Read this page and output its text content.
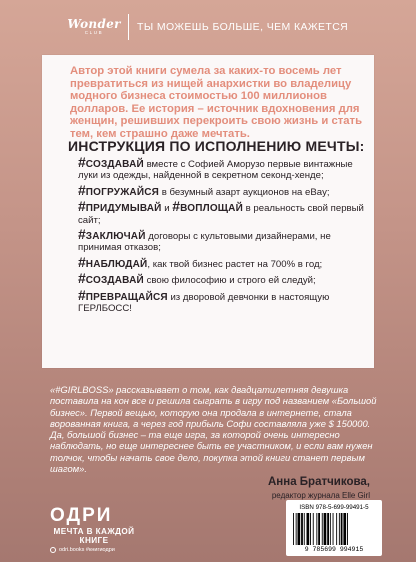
Wonder
CLUB	ТЫ МОЖЕШЬ БОЛЬШЕ, ЧЕМ КАЖЕТСЯ
Автор этой книги сумела за каких-то восемь лет превратиться из нищей анархистки во владелицу модного бизнеса стоимостью 100 миллионов долларов. Ее история – источник вдохновения для женщин, решивших перекроить свою жизнь и стать тем, кем страшно даже мечтать.
ИНСТРУКЦИЯ ПО ИСПОЛНЕНИЮ МЕЧТЫ:
#СОЗДАВАЙ вместе с Софией Аморузо первые винтажные луки из одежды, найденной в секретном секонд-хенде;
#ПОГРУЖАЙСЯ в безумный азарт аукционов на eBay;
#ПРИДУМЫВАЙ и #ВОПЛОЩАЙ в реальность свой первый сайт;
#ЗАКЛЮЧАЙ договоры с культовыми дизайнерами, не принимая отказов;
#НАБЛЮДАЙ, как твой бизнес растет на 700% в год;
#СОЗДАВАЙ свою философию и строго ей следуй;
#ПРЕВРАЩАЙСЯ из дворовой девчонки в настоящую ГЕРЛБОСС!
«#GIRLBOSS» рассказывает о том, как двадцатилетняя девушка поставила на кон все и решила сыграть в игру под названием «Большой бизнес». Первой вещью, которую она продала в интернете, стала ворованная книга, а через год прибыль Софи составляла уже $ 150000. Да, большой бизнес – та еще игра, за которой очень интересно наблюдать, но еще интереснее быть ее участником, и если вам нужен толчок, чтобы начать свое дело, покупка этой книги станет первым шагом».
Анна Братчикова,
редактор журнала Elle Girl
ОДРИ
МЕЧТА В КАЖДОЙ КНИГЕ
odri.books #книгиодри
ISBN 978-5-699-99491-5
9 785699 994915
